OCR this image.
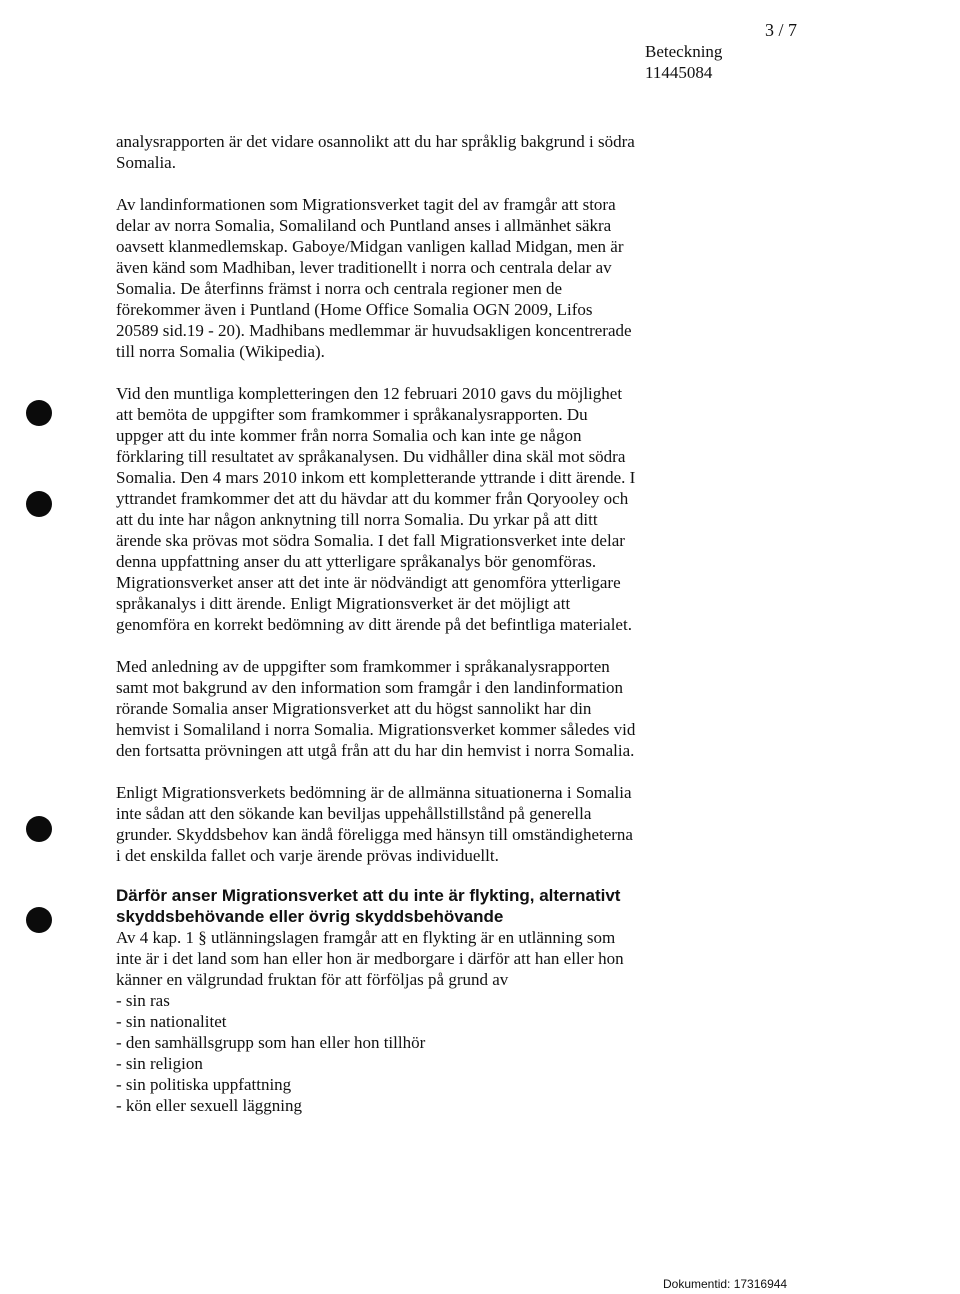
3 / 7
Beteckning
11445084

analysrapporten är det vidare osannolikt att du har språklig bakgrund i södra
Somalia.

Av landinformationen som Migrationsverket tagit del av framgår att stora
delar av norra Somalia, Somaliland och Puntland anses i allmänhet säkra
oavsett klanmedlemskap. Gaboye/Midgan vanligen kallad Midgan, men är
även känd som Madhiban, lever traditionellt i norra och centrala delar av
Somalia. De återfinns främst i norra och centrala regioner men de
förekommer även i Puntland (Home Office Somalia OGN 2009, Lifos
20589 sid.19 - 20). Madhibans medlemmar är huvudsakligen koncentrerade
till norra Somalia (Wikipedia).

Vid den muntliga kompletteringen den 12 februari 2010 gavs du möjlighet
att bemöta de uppgifter som framkommer i språkanalysrapporten. Du
uppger att du inte kommer från norra Somalia och kan inte ge någon
förklaring till resultatet av språkanalysen. Du vidhåller dina skäl mot södra
Somalia. Den 4 mars 2010 inkom ett kompletterande yttrande i ditt ärende. I
yttrandet framkommer det att du hävdar att du kommer från Qoryooley och
att du inte har någon anknytning till norra Somalia. Du yrkar på att ditt
ärende ska prövas mot södra Somalia. I det fall Migrationsverket inte delar
denna uppfattning anser du att ytterligare språkanalys bör genomföras.
Migrationsverket anser att det inte är nödvändigt att genomföra ytterligare
språkanalys i ditt ärende. Enligt Migrationsverket är det möjligt att
genomföra en korrekt bedömning av ditt ärende på det befintliga materialet.

Med anledning av de uppgifter som framkommer i språkanalysrapporten
samt mot bakgrund av den information som framgår i den landinformation
rörande Somalia anser Migrationsverket att du högst sannolikt har din
hemvist i Somaliland i norra Somalia. Migrationsverket kommer således vid
den fortsatta prövningen att utgå från att du har din hemvist i norra Somalia.

Enligt Migrationsverkets bedömning är de allmänna situationerna i Somalia
inte sådan att den sökande kan beviljas uppehållstillstånd på generella
grunder. Skyddsbehov kan ändå föreligga med hänsyn till omständigheterna
i det enskilda fallet och varje ärende prövas individuellt.

Därför anser Migrationsverket att du inte är flykting, alternativt
skyddsbehövande eller övrig skyddsbehövande

Av 4 kap. 1 § utlänningslagen framgår att en flykting är en utlänning som
inte är i det land som han eller hon är medborgare i därför att han eller hon
känner en välgrundad fruktan för att förföljas på grund av

- sin ras
- sin nationalitet
- den samhällsgrupp som han eller hon tillhör
- sin religion
- sin politiska uppfattning
- kön eller sexuell läggning
Dokumentid: 17316944
